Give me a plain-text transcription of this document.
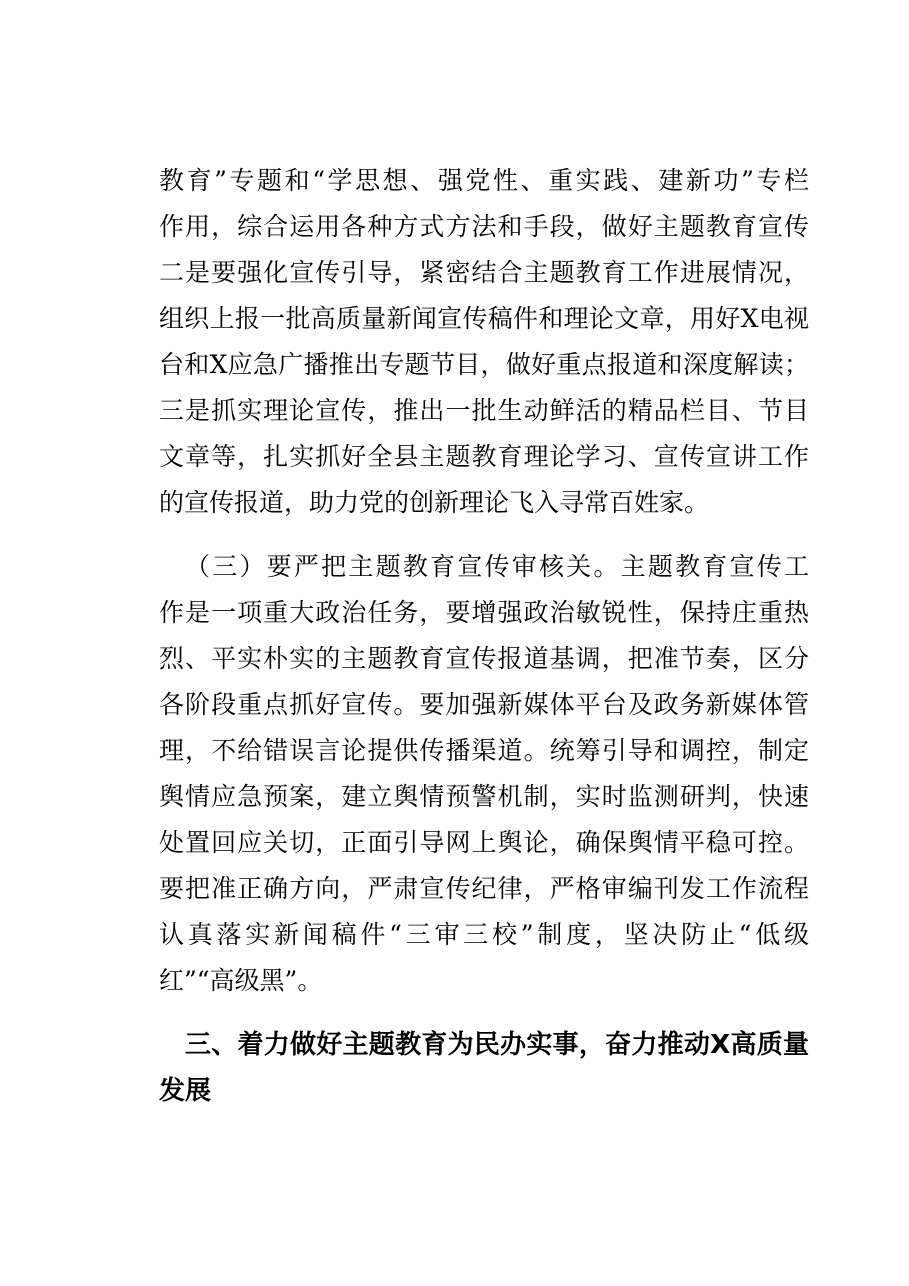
教育”专题和“学思想、强党性、重实践、建新功”专栏
作用，综合运用各种方式方法和手段，做好主题教育宣传
二是要强化宣传引导，紧密结合主题教育工作进展情况，
组织上报一批高质量新闻宣传稿件和理论文章，用好X电视
台和X应急广播推出专题节目，做好重点报道和深度解读；
三是抓实理论宣传，推出一批生动鲜活的精品栏目、节目
文章等，扎实抓好全县主题教育理论学习、宣传宣讲工作
的宣传报道，助力党的创新理论飞入寻常百姓家。
（三）要严把主题教育宣传审核关。主题教育宣传工
作是一项重大政治任务，要增强政治敏锐性，保持庄重热
烈、平实朴实的主题教育宣传报道基调，把准节奏，区分
各阶段重点抓好宣传。要加强新媒体平台及政务新媒体管
理，不给错误言论提供传播渠道。统筹引导和调控，制定
舆情应急预案，建立舆情预警机制，实时监测研判，快速
处置回应关切，正面引导网上舆论，确保舆情平稳可控。
要把准正确方向，严肃宣传纪律，严格审编刊发工作流程
认真落实新闻稿件“三审三校”制度，坚决防止“低级
红”“高级黑”。
三、着力做好主题教育为民办实事，奋力推动X高质量
发展
